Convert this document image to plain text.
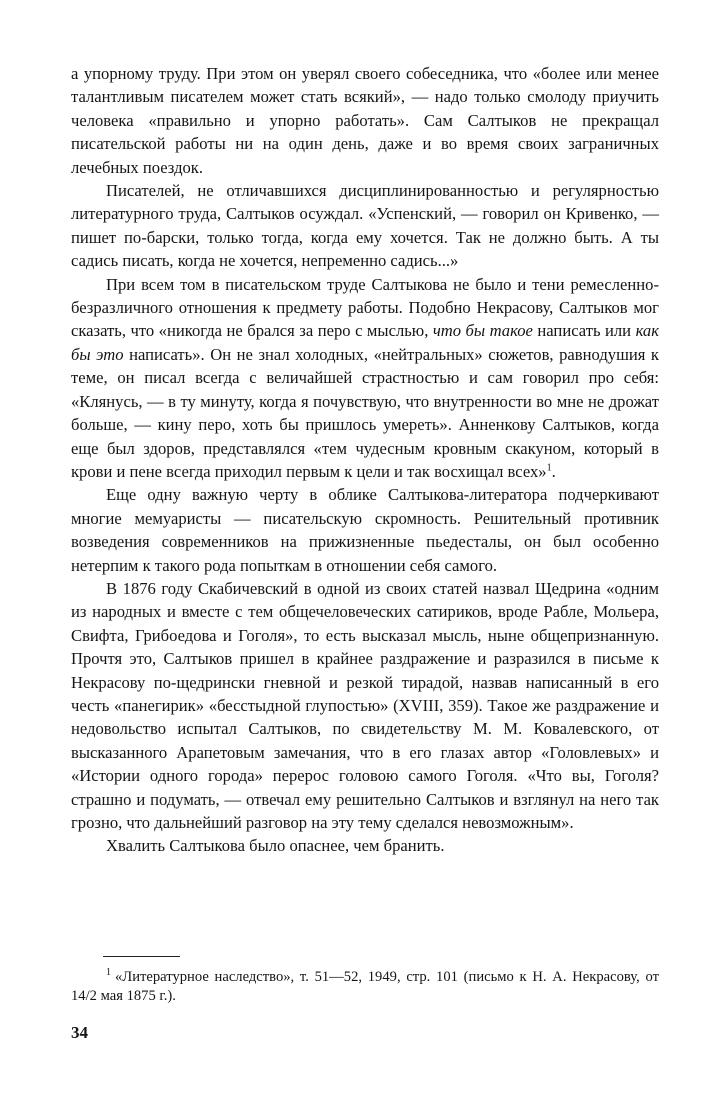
а упорному труду. При этом он уверял своего собеседника, что «более или менее талантливым писателем может стать всякий», — надо только смолоду приучить человека «правильно и упорно работать». Сам Салтыков не прекращал писательской работы ни на один день, даже и во время своих заграничных лечебных поездок.

Писателей, не отличавшихся дисциплинированностью и регулярностью литературного труда, Салтыков осуждал. «Успенский, — говорил он Кривенко, — пишет по-барски, только тогда, когда ему хочется. Так не должно быть. А ты садись писать, когда не хочется, непременно садись...»

При всем том в писательском труде Салтыкова не было и тени ремесленно-безразличного отношения к предмету работы. Подобно Некрасову, Салтыков мог сказать, что «никогда не брался за перо с мыслью, что бы такое написать или как бы это написать». Он не знал холодных, «нейтральных» сюжетов, равнодушия к теме, он писал всегда с величайшей страстностью и сам говорил про себя: «Клянусь, — в ту минуту, когда я почувствую, что внутренности во мне не дрожат больше, — кину перо, хоть бы пришлось умереть». Анненкову Салтыков, когда еще был здоров, представлялся «тем чудесным кровным скакуном, который в крови и пене всегда приходил первым к цели и так восхищал всех»$^1$.

Еще одну важную черту в облике Салтыкова-литератора подчеркивают многие мемуаристы — писательскую скромность. Решительный противник возведения современников на прижизненные пьедесталы, он был особенно нетерпим к такого рода попыткам в отношении себя самого.

В 1876 году Скабичевский в одной из своих статей назвал Щедрина «одним из народных и вместе с тем общечеловеческих сатириков, вроде Рабле, Мольера, Свифта, Грибоедова и Гоголя», то есть высказал мысль, ныне общепризнанную. Прочтя это, Салтыков пришел в крайнее раздражение и разразился в письме к Некрасову по-щедрински гневной и резкой тирадой, назвав написанный в его честь «панегирик» «бесстыдной глупостью» (XVIII, 359). Такое же раздражение и недовольство испытал Салтыков, по свидетельству М. М. Ковалевского, от высказанного Арапетовым замечания, что в его глазах автор «Головлевых» и «Истории одного города» перерос головою самого Гоголя. «Что вы, Гоголя? страшно и подумать, — отвечал ему решительно Салтыков и взглянул на него так грозно, что дальнейший разговор на эту тему сделался невозможным».

Хвалить Салтыкова было опаснее, чем бранить.

$^1$ «Литературное наследство», т. 51—52, 1949, стр. 101 (письмо к Н. А. Некрасову, от 14/2 мая 1875 г.).

34
